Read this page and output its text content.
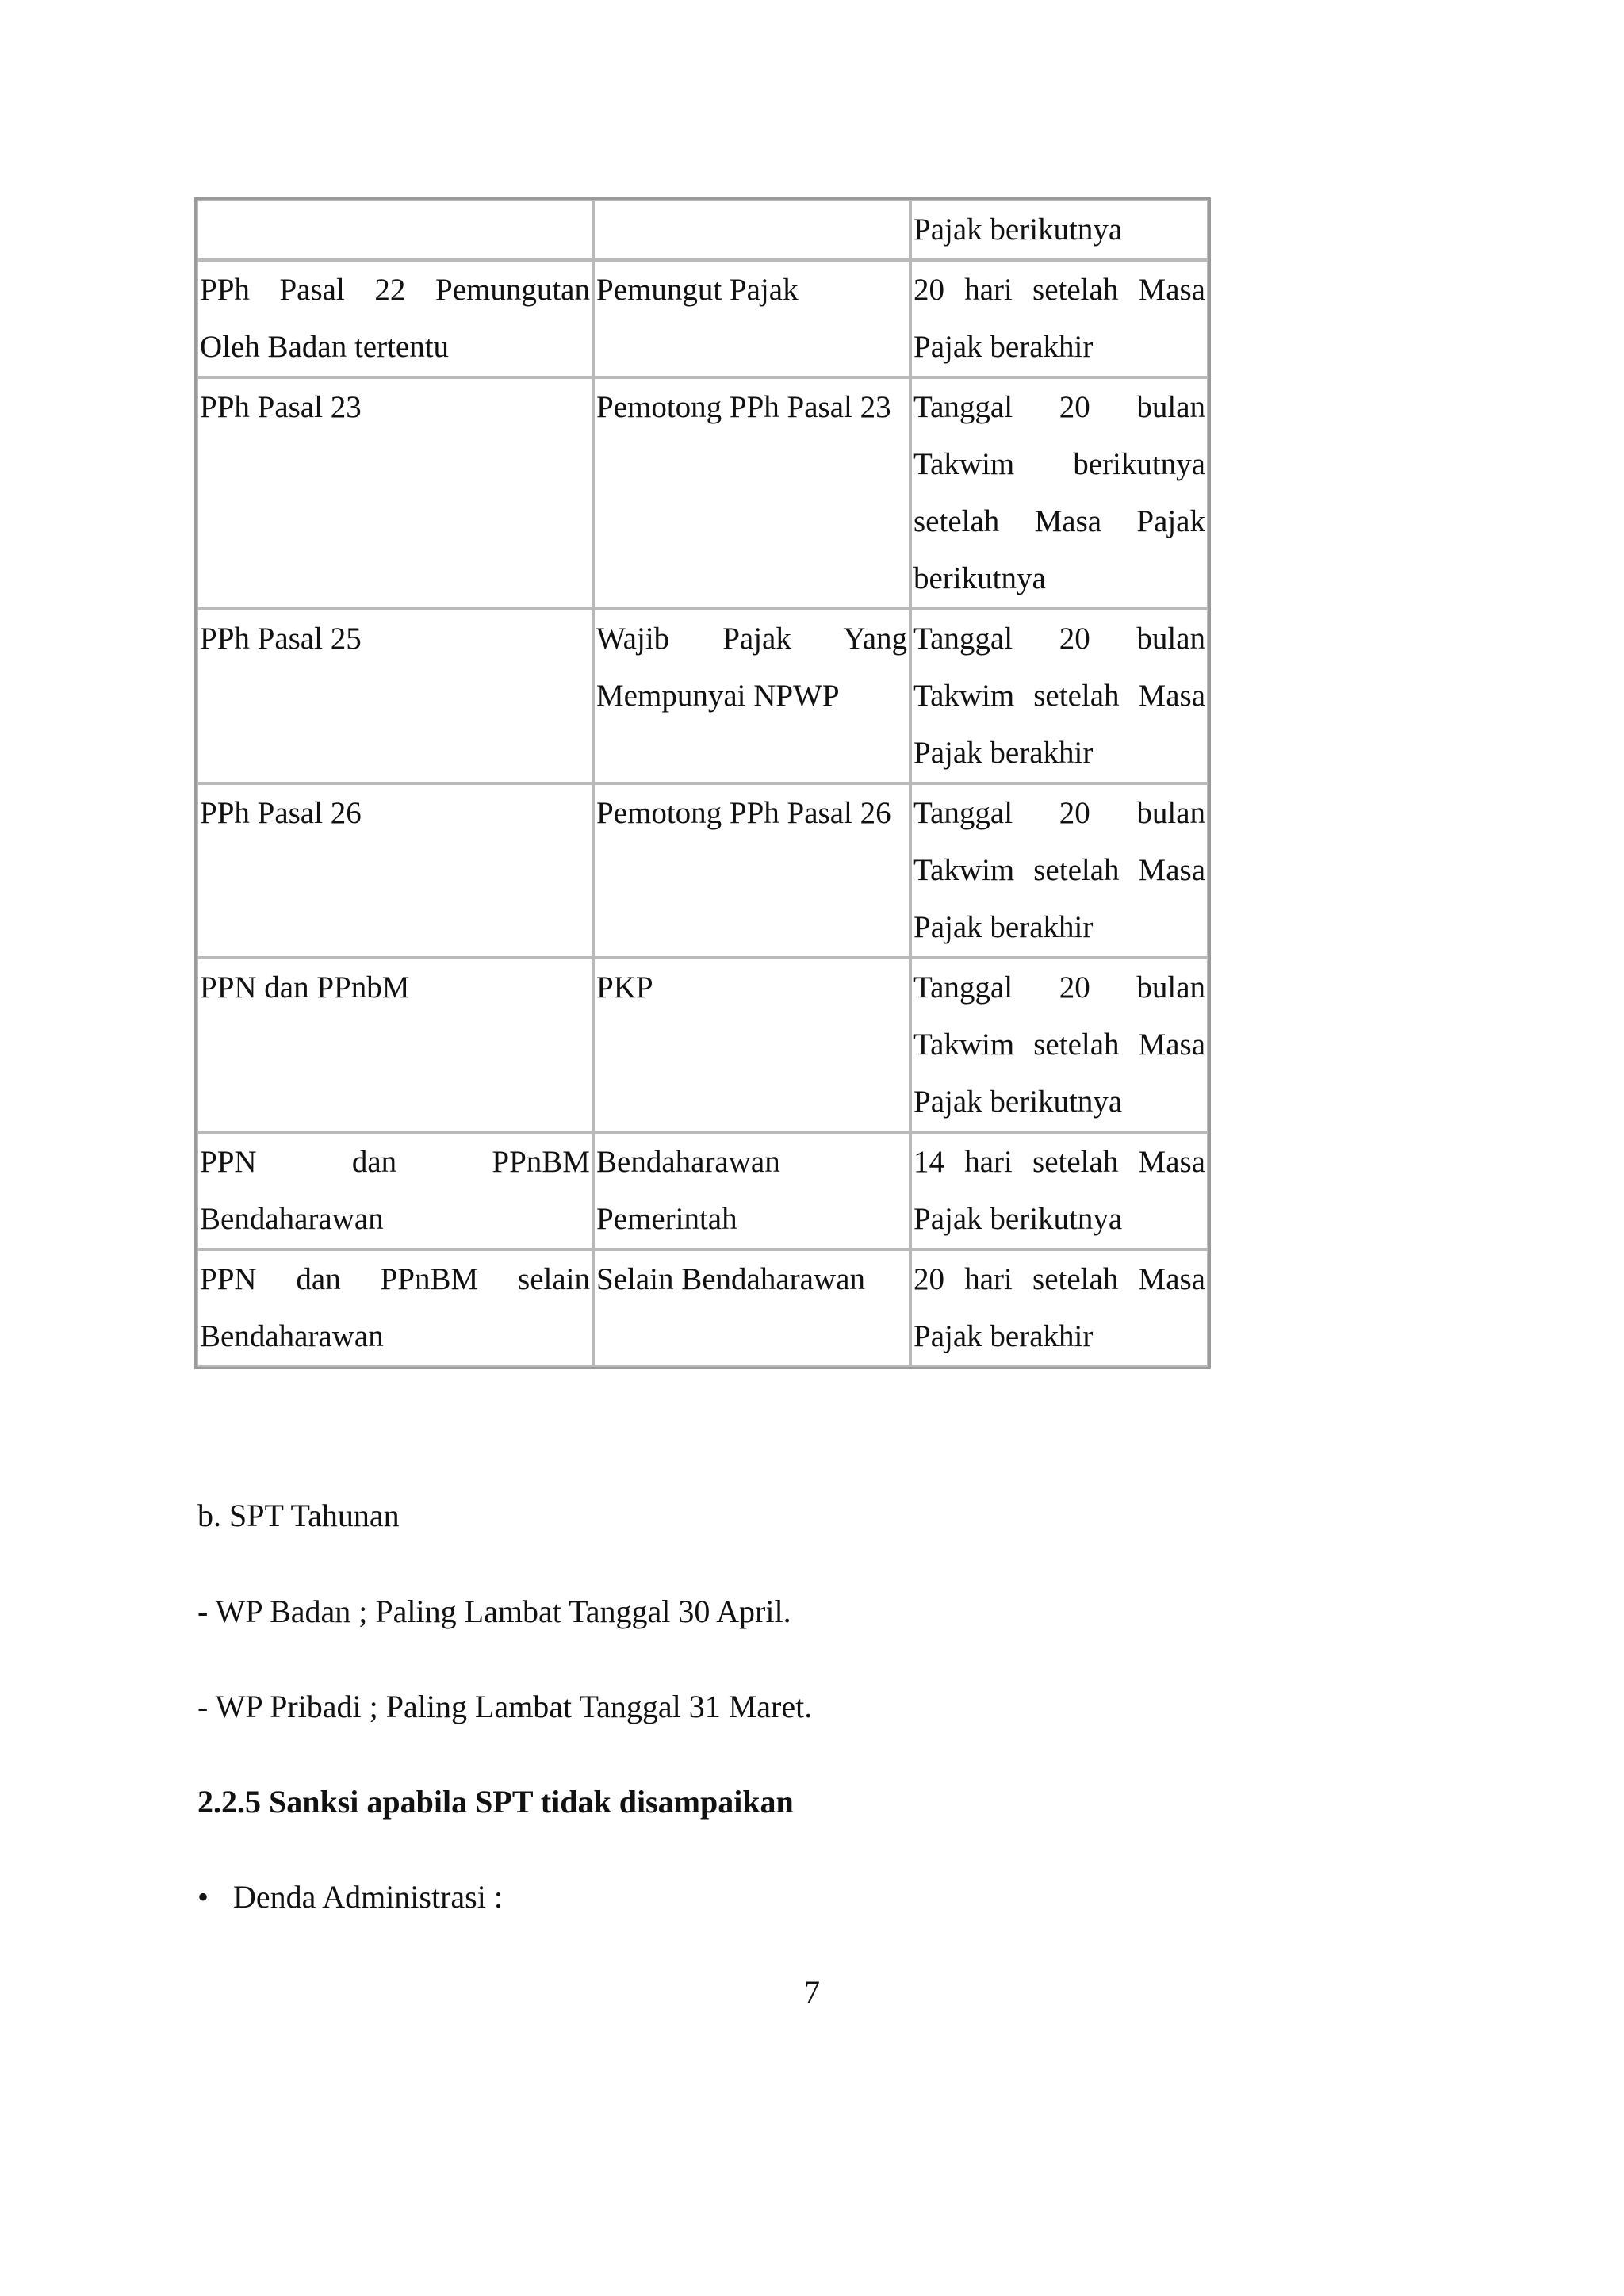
		Pajak berikutnya

PPh Pasal 22 Pemungutan Oleh Badan tertentu	Pemungut Pajak	20 hari setelah Masa Pajak berakhir

PPh Pasal 23	Pemotong PPh Pasal 23	Tanggal 20 bulan Takwim berikutnya setelah Masa Pajak berikutnya

PPh Pasal 25	Wajib Pajak Yang Mempunyai NPWP	Tanggal 20 bulan Takwim setelah Masa Pajak berakhir

PPh Pasal 26	Pemotong PPh Pasal 26	Tanggal 20 bulan Takwim setelah Masa Pajak berakhir

PPN dan PPnbM	PKP	Tanggal 20 bulan Takwim setelah Masa Pajak berikutnya

PPN dan PPnBM Bendaharawan	Bendaharawan Pemerintah	14 hari setelah Masa Pajak berikutnya

PPN dan PPnBM selain Bendaharawan	Selain Bendaharawan	20 hari setelah Masa Pajak berakhir

b. SPT Tahunan

- WP Badan ; Paling Lambat Tanggal 30 April.

- WP Pribadi ; Paling Lambat Tanggal 31 Maret.

2.2.5 Sanksi apabila SPT tidak disampaikan

• Denda Administrasi :

7
